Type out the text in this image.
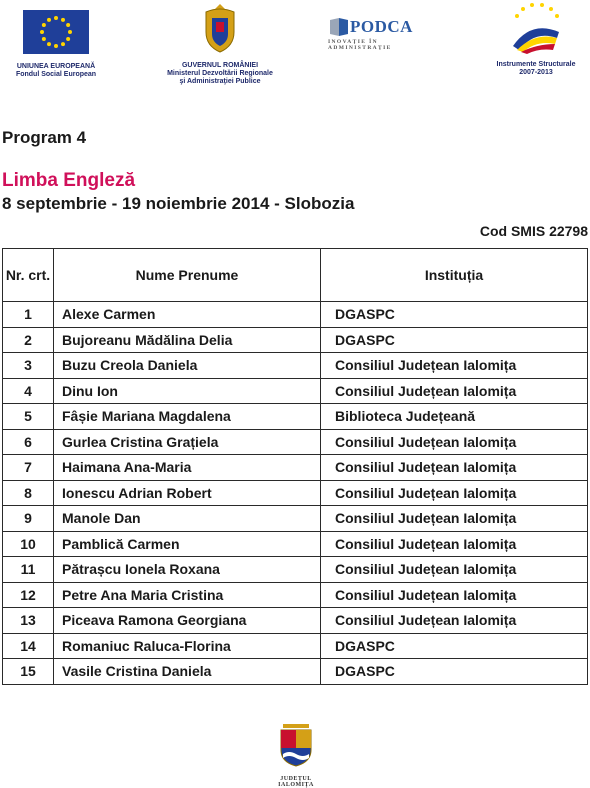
UNIUNEA EUROPEANĂ
Fondul Social European
GUVERNUL ROMÂNIEI
Ministerul Dezvoltării Regionale
şi Administraţiei Publice
PODCA
INOVAŢIE ÎN ADMINISTRAŢIE
Instrumente Structurale
2007-2013
Program 4
Limba Engleză
8 septembrie - 19 noiembrie 2014 - Slobozia
Cod SMIS 22798
Nr. crt.	Nume Prenume	Instituția
1	Alexe Carmen	DGASPC
2	Bujoreanu Mădălina Delia	DGASPC
3	Buzu Creola Daniela	Consiliul Județean Ialomița
4	Dinu Ion	Consiliul Județean Ialomița
5	Fâșie Mariana Magdalena	Biblioteca Județeană
6	Gurlea Cristina Grațiela	Consiliul Județean Ialomița
7	Haimana Ana-Maria	Consiliul Județean Ialomița
8	Ionescu Adrian Robert	Consiliul Județean Ialomița
9	Manole Dan	Consiliul Județean Ialomița
10	Pamblică Carmen	Consiliul Județean Ialomița
11	Pătrașcu Ionela Roxana	Consiliul Județean Ialomița
12	Petre Ana Maria Cristina	Consiliul Județean Ialomița
13	Piceava Ramona Georgiana	Consiliul Județean Ialomița
14	Romaniuc Raluca-Florina	DGASPC
15	Vasile Cristina Daniela	DGASPC
JUDEŢUL IALOMIŢA
